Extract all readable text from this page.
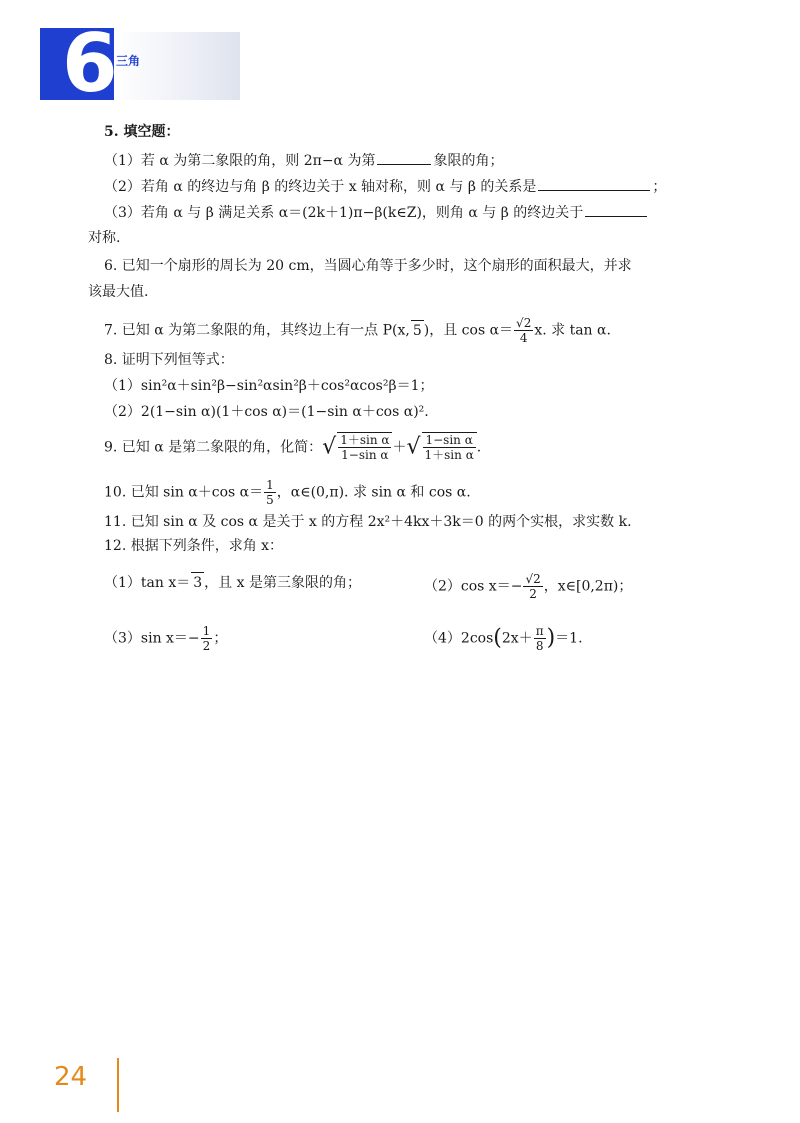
6
三角
5. 填空题：
（1）若 α 为第二象限的角，则 2π−α 为第	象限的角；
（2）若角 α 的终边与角 β 的终边关于 x 轴对称，则 α 与 β 的关系是	；
（3）若角 α 与 β 满足关系 α＝(2k＋1)π−β(k∈Z)，则角 α 与 β 的终边关于
对称.
6. 已知一个扇形的周长为 20 cm，当圆心角等于多少时，这个扇形的面积最大，并求
该最大值.
7. 已知 α 为第二象限的角，其终边上有一点 P(x, 5 )，且 $\cos \alpha= \frac{√2}{4} x$. 求 tan α.
8. 证明下列恒等式：
（1）sin²α＋sin²β−sin²αsin²β＋cos²αcos²β＝1；
（2）2(1−sin α)(1＋cos α)＝(1−sin α＋cos α)².
9. 已知 α 是第二象限的角，化简：√ $\frac{\text{1＋sin α}}{\text{1−sin α}}$ ＋√ $\frac{\text{1−sin α}}{\text{1＋sin α}}$ .
10. 已知 sin α＋cos $\alpha= \frac{1}{5}$ ，α∈(0,π). 求 sin α 和 cos α.
11. 已知 sin α 及 cos α 是关于 x 的方程 2x²＋4kx＋3k＝0 的两个实根，求实数 k.
12. 根据下列条件，求角 x：
（1）tan x＝ 3 ，且 x 是第三象限的角；	（2）cos $x=- \frac{√2}{2}$ ，x∈[0,2π)；
（3）sin $x=- \frac{1}{2}$ ；	$(4)2\cos(2x+ \frac{\pi}{8} )=1$.
24
